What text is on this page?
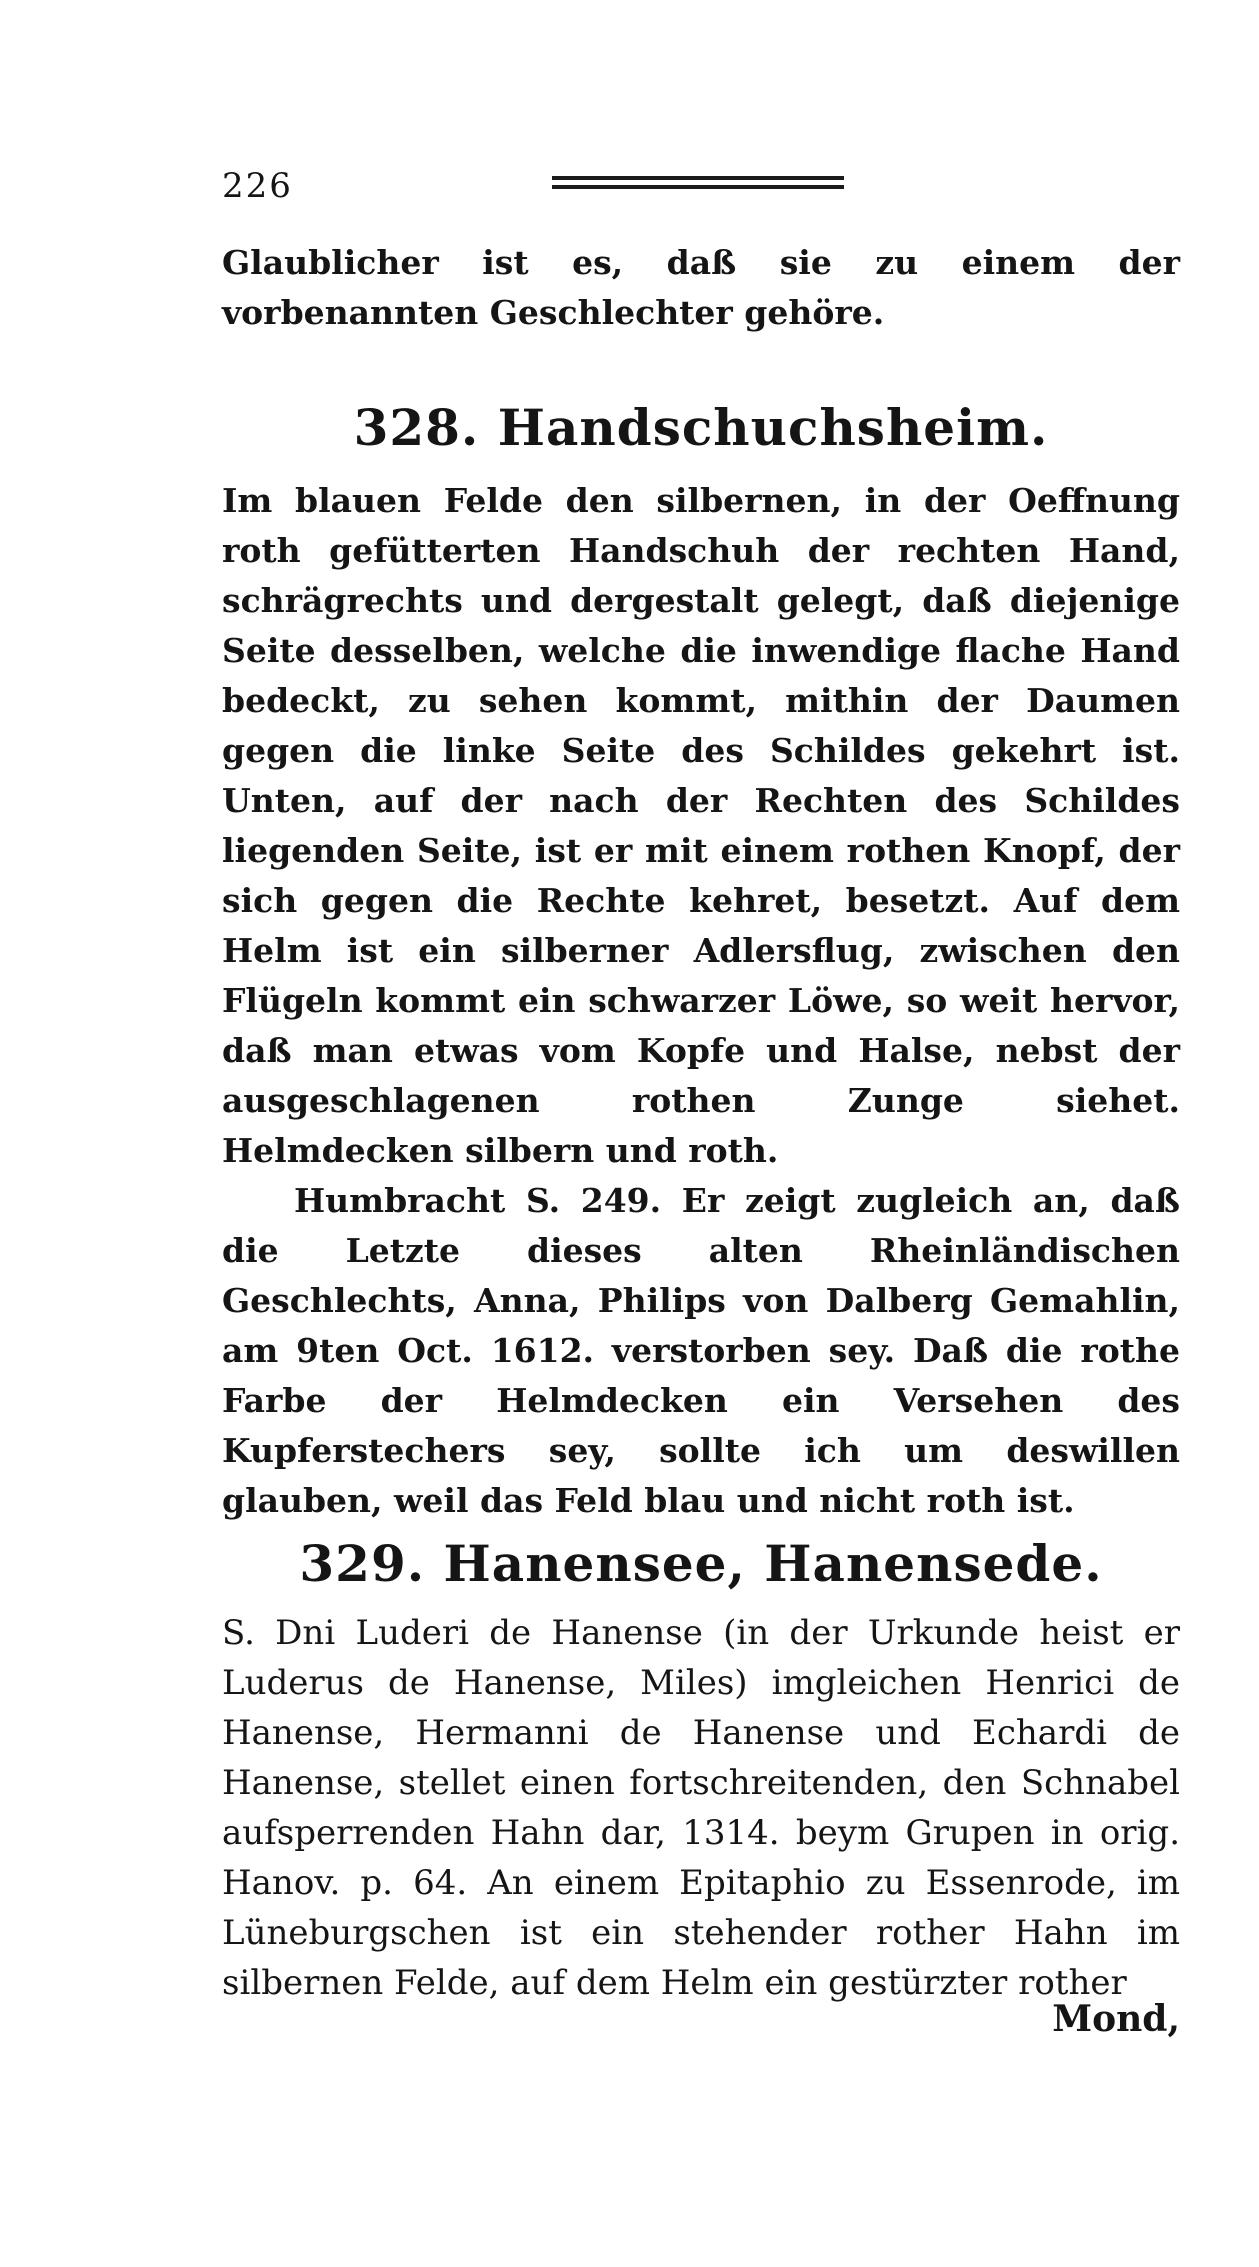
226

Glaublicher ist es, daß sie zu einem der vorbenannten Geschlechter gehöre.

328. Handschuchsheim.

Im blauen Felde den silbernen, in der Oeffnung roth gefütterten Handschuh der rechten Hand, schrägrechts und dergestalt gelegt, daß diejenige Seite desselben, welche die inwendige flache Hand bedeckt, zu sehen kommt, mithin der Daumen gegen die linke Seite des Schildes gekehrt ist. Unten, auf der nach der Rechten des Schildes liegenden Seite, ist er mit einem rothen Knopf, der sich gegen die Rechte kehret, besetzt. Auf dem Helm ist ein silberner Adlersflug, zwischen den Flügeln kommt ein schwarzer Löwe, so weit hervor, daß man etwas vom Kopfe und Halse, nebst der ausgeschlagenen rothen Zunge siehet. Helmdecken silbern und roth.

Humbracht S. 249. Er zeigt zugleich an, daß die Letzte dieses alten Rheinländischen Geschlechts, Anna, Philips von Dalberg Gemahlin, am 9ten Oct. 1612. verstorben sey. Daß die rothe Farbe der Helmdecken ein Versehen des Kupferstechers sey, sollte ich um deswillen glauben, weil das Feld blau und nicht roth ist.

329. Hanensee, Hanensede.

S. Dni Luderi de Hanense (in der Urkunde heist er Luderus de Hanense, Miles) imgleichen Henrici de Hanense, Hermanni de Hanense und Echardi de Hanense, stellet einen fortschreitenden, den Schnabel aufsperrenden Hahn dar, 1314. beym Grupen in orig. Hanov. p. 64. An einem Epitaphio zu Essenrode, im Lüneburgschen ist ein stehender rother Hahn im silbernen Felde, auf dem Helm ein gestürzter rother

Mond,
